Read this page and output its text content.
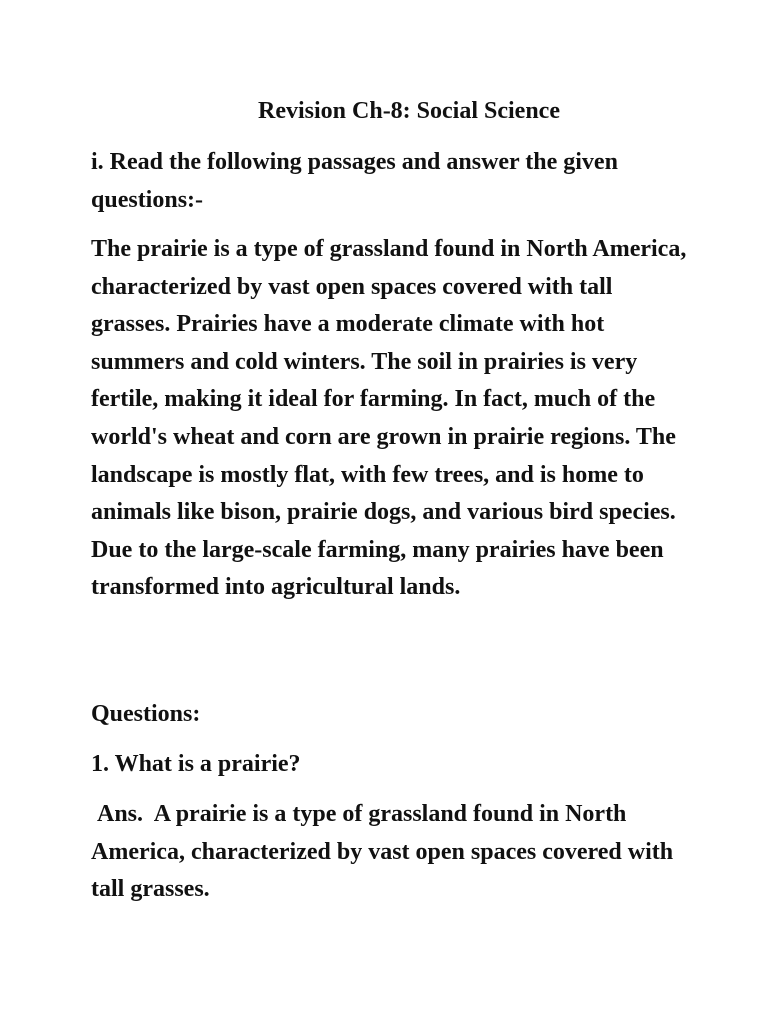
Revision Ch-8: Social Science

i. Read the following passages and answer the given questions:-

The prairie is a type of grassland found in North America, characterized by vast open spaces covered with tall grasses. Prairies have a moderate climate with hot summers and cold winters. The soil in prairies is very fertile, making it ideal for farming. In fact, much of the world's wheat and corn are grown in prairie regions. The landscape is mostly flat, with few trees, and is home to animals like bison, prairie dogs, and various bird species. Due to the large-scale farming, many prairies have been transformed into agricultural lands.

Questions:

1. What is a prairie?

Ans.  A prairie is a type of grassland found in North America, characterized by vast open spaces covered with tall grasses.
